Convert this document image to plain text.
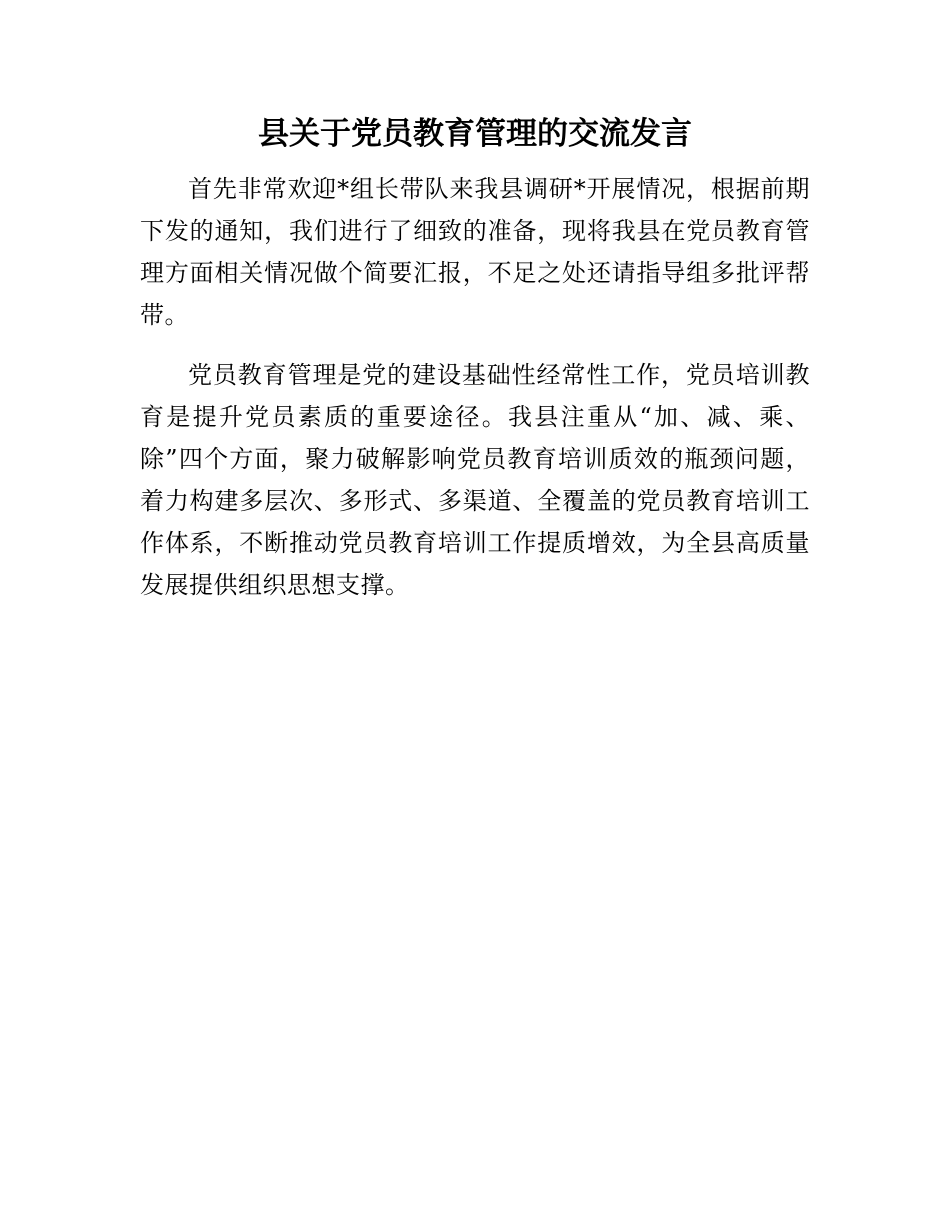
县关于党员教育管理的交流发言

首先非常欢迎*组长带队来我县调研*开展情况，根据前期下发的通知，我们进行了细致的准备，现将我县在党员教育管理方面相关情况做个简要汇报，不足之处还请指导组多批评帮带。

党员教育管理是党的建设基础性经常性工作，党员培训教育是提升党员素质的重要途径。我县注重从“加、减、乘、除”四个方面，聚力破解影响党员教育培训质效的瓶颈问题，着力构建多层次、多形式、多渠道、全覆盖的党员教育培训工作体系，不断推动党员教育培训工作提质增效，为全县高质量发展提供组织思想支撑。
